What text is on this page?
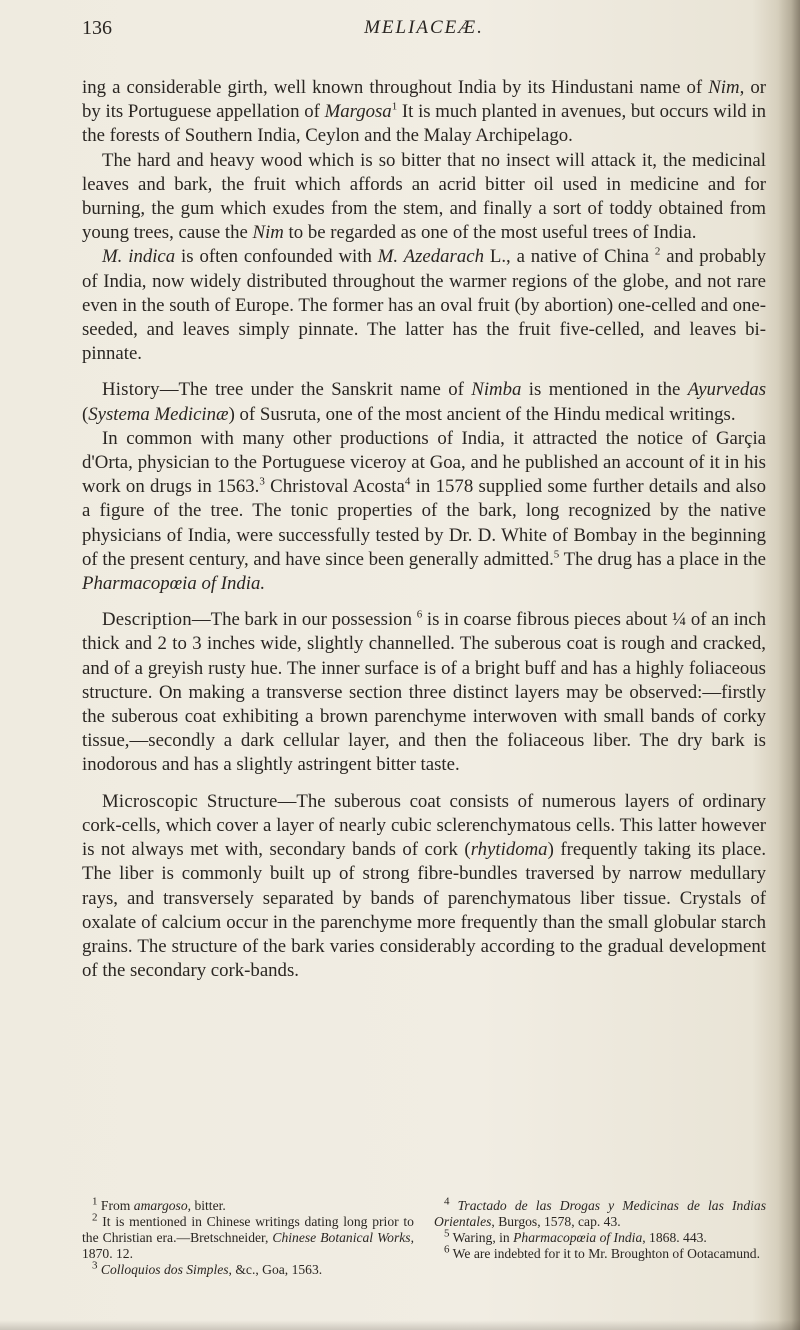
136	MELIACEÆ.

ing a considerable girth, well known throughout India by its Hindustani name of Nim, or by its Portuguese appellation of Margosa$^1$ It is much planted in avenues, but occurs wild in the forests of Southern India, Ceylon and the Malay Archipelago.

The hard and heavy wood which is so bitter that no insect will attack it, the medicinal leaves and bark, the fruit which affords an acrid bitter oil used in medicine and for burning, the gum which exudes from the stem, and finally a sort of toddy obtained from young trees, cause the Nim to be regarded as one of the most useful trees of India.

M. indica is often confounded with M. Azedarach L., a native of China $^2$ and probably of India, now widely distributed throughout the warmer regions of the globe, and not rare even in the south of Europe. The former has an oval fruit (by abortion) one-celled and one-seeded, and leaves simply pinnate. The latter has the fruit five-celled, and leaves bi-pinnate.

History—The tree under the Sanskrit name of Nimba is mentioned in the Ayurvedas (Systema Medicinæ) of Susruta, one of the most ancient of the Hindu medical writings.

In common with many other productions of India, it attracted the notice of Garçia d'Orta, physician to the Portuguese viceroy at Goa, and he published an account of it in his work on drugs in 1563.$^3$ Christoval Acosta$^4$ in 1578 supplied some further details and also a figure of the tree. The tonic properties of the bark, long recognized by the native physicians of India, were successfully tested by Dr. D. White of Bombay in the beginning of the present century, and have since been generally admitted.$^5$ The drug has a place in the Pharmacopœia of India.

Description—The bark in our possession $^6$ is in coarse fibrous pieces about ¼ of an inch thick and 2 to 3 inches wide, slightly channelled. The suberous coat is rough and cracked, and of a greyish rusty hue. The inner surface is of a bright buff and has a highly foliaceous structure. On making a transverse section three distinct layers may be observed:—firstly the suberous coat exhibiting a brown parenchyme interwoven with small bands of corky tissue,—secondly a dark cellular layer, and then the foliaceous liber. The dry bark is inodorous and has a slightly astringent bitter taste.

Microscopic Structure—The suberous coat consists of numerous layers of ordinary cork-cells, which cover a layer of nearly cubic sclerenchymatous cells. This latter however is not always met with, secondary bands of cork (rhytidoma) frequently taking its place. The liber is commonly built up of strong fibre-bundles traversed by narrow medullary rays, and transversely separated by bands of parenchymatous liber tissue. Crystals of oxalate of calcium occur in the parenchyme more frequently than the small globular starch grains. The structure of the bark varies considerably according to the gradual development of the secondary cork-bands.

$^1$ From amargoso, bitter.

$^2$ It is mentioned in Chinese writings dating long prior to the Christian era.—Bretschneider, Chinese Botanical Works, 1870. 12.

$^3$ Colloquios dos Simples, &c., Goa, 1563.

$^4$ Tractado de las Drogas y Medicinas de las Indias Orientales, Burgos, 1578, cap. 43.

$^5$ Waring, in Pharmacopœia of India, 1868. 443.

$^6$ We are indebted for it to Mr. Broughton of Ootacamund.
